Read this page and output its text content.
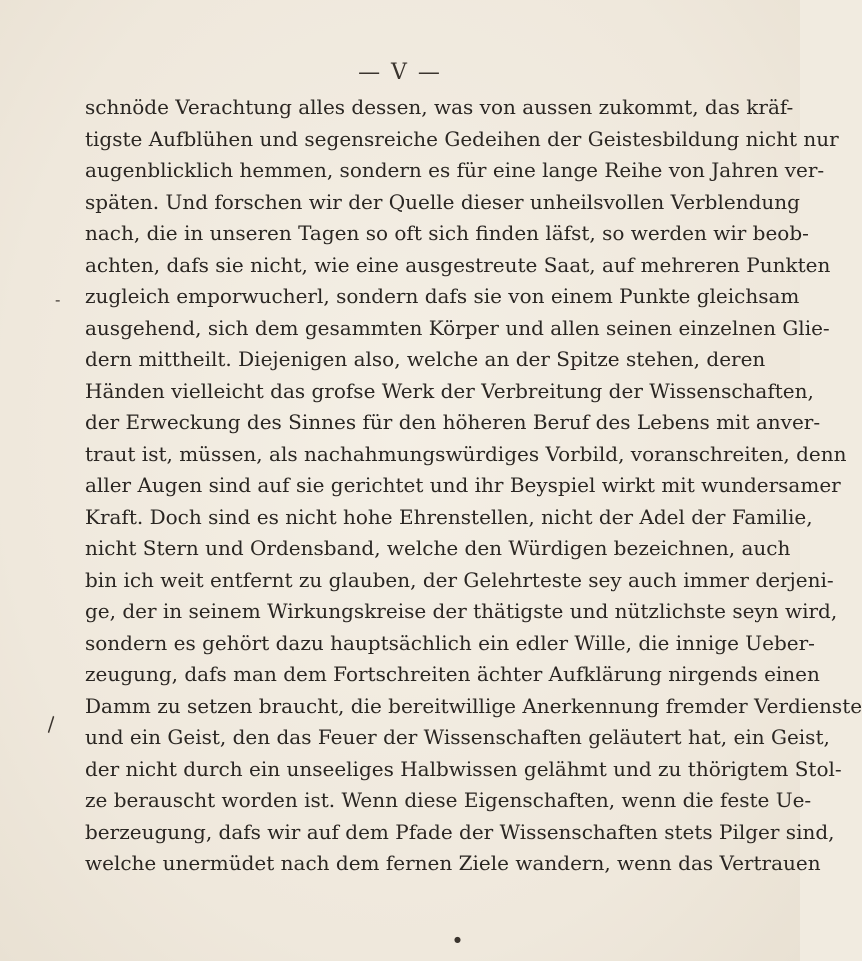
— V —
schnöde Verachtung alles dessen, was von aussen zukommt, das kräf-
tigste Aufblühen und segensreiche Gedeihen der Geistesbildung nicht nur
augenblicklich hemmen, sondern es für eine lange Reihe von Jahren ver-
späten. Und forschen wir der Quelle dieser unheilsvollen Verblendung
nach, die in unseren Tagen so oft sich finden läfst, so werden wir beob-
achten, dafs sie nicht, wie eine ausgestreute Saat, auf mehreren Punkten
zugleich emporwucherl, sondern dafs sie von einem Punkte gleichsam
ausgehend, sich dem gesammten Körper und allen seinen einzelnen Glie-
dern mittheilt. Diejenigen also, welche an der Spitze stehen, deren
Händen vielleicht das grofse Werk der Verbreitung der Wissenschaften,
der Erweckung des Sinnes für den höheren Beruf des Lebens mit anver-
traut ist, müssen, als nachahmungswürdiges Vorbild, voranschreiten, denn
aller Augen sind auf sie gerichtet und ihr Beyspiel wirkt mit wundersamer
Kraft. Doch sind es nicht hohe Ehrenstellen, nicht der Adel der Familie,
nicht Stern und Ordensband, welche den Würdigen bezeichnen, auch
bin ich weit entfernt zu glauben, der Gelehrteste sey auch immer derjeni-
ge, der in seinem Wirkungskreise der thätigste und nützlichste seyn wird,
sondern es gehört dazu hauptsächlich ein edler Wille, die innige Ueber-
zeugung, dafs man dem Fortschreiten ächter Aufklärung nirgends einen
Damm zu setzen braucht, die bereitwillige Anerkennung fremder Verdienste
und ein Geist, den das Feuer der Wissenschaften geläutert hat, ein Geist,
der nicht durch ein unseeliges Halbwissen gelähmt und zu thörigtem Stol-
ze berauscht worden ist. Wenn diese Eigenschaften, wenn die feste Ue-
berzeugung, dafs wir auf dem Pfade der Wissenschaften stets Pilger sind,
welche unermüdet nach dem fernen Ziele wandern, wenn das Vertrauen
-
\
●
